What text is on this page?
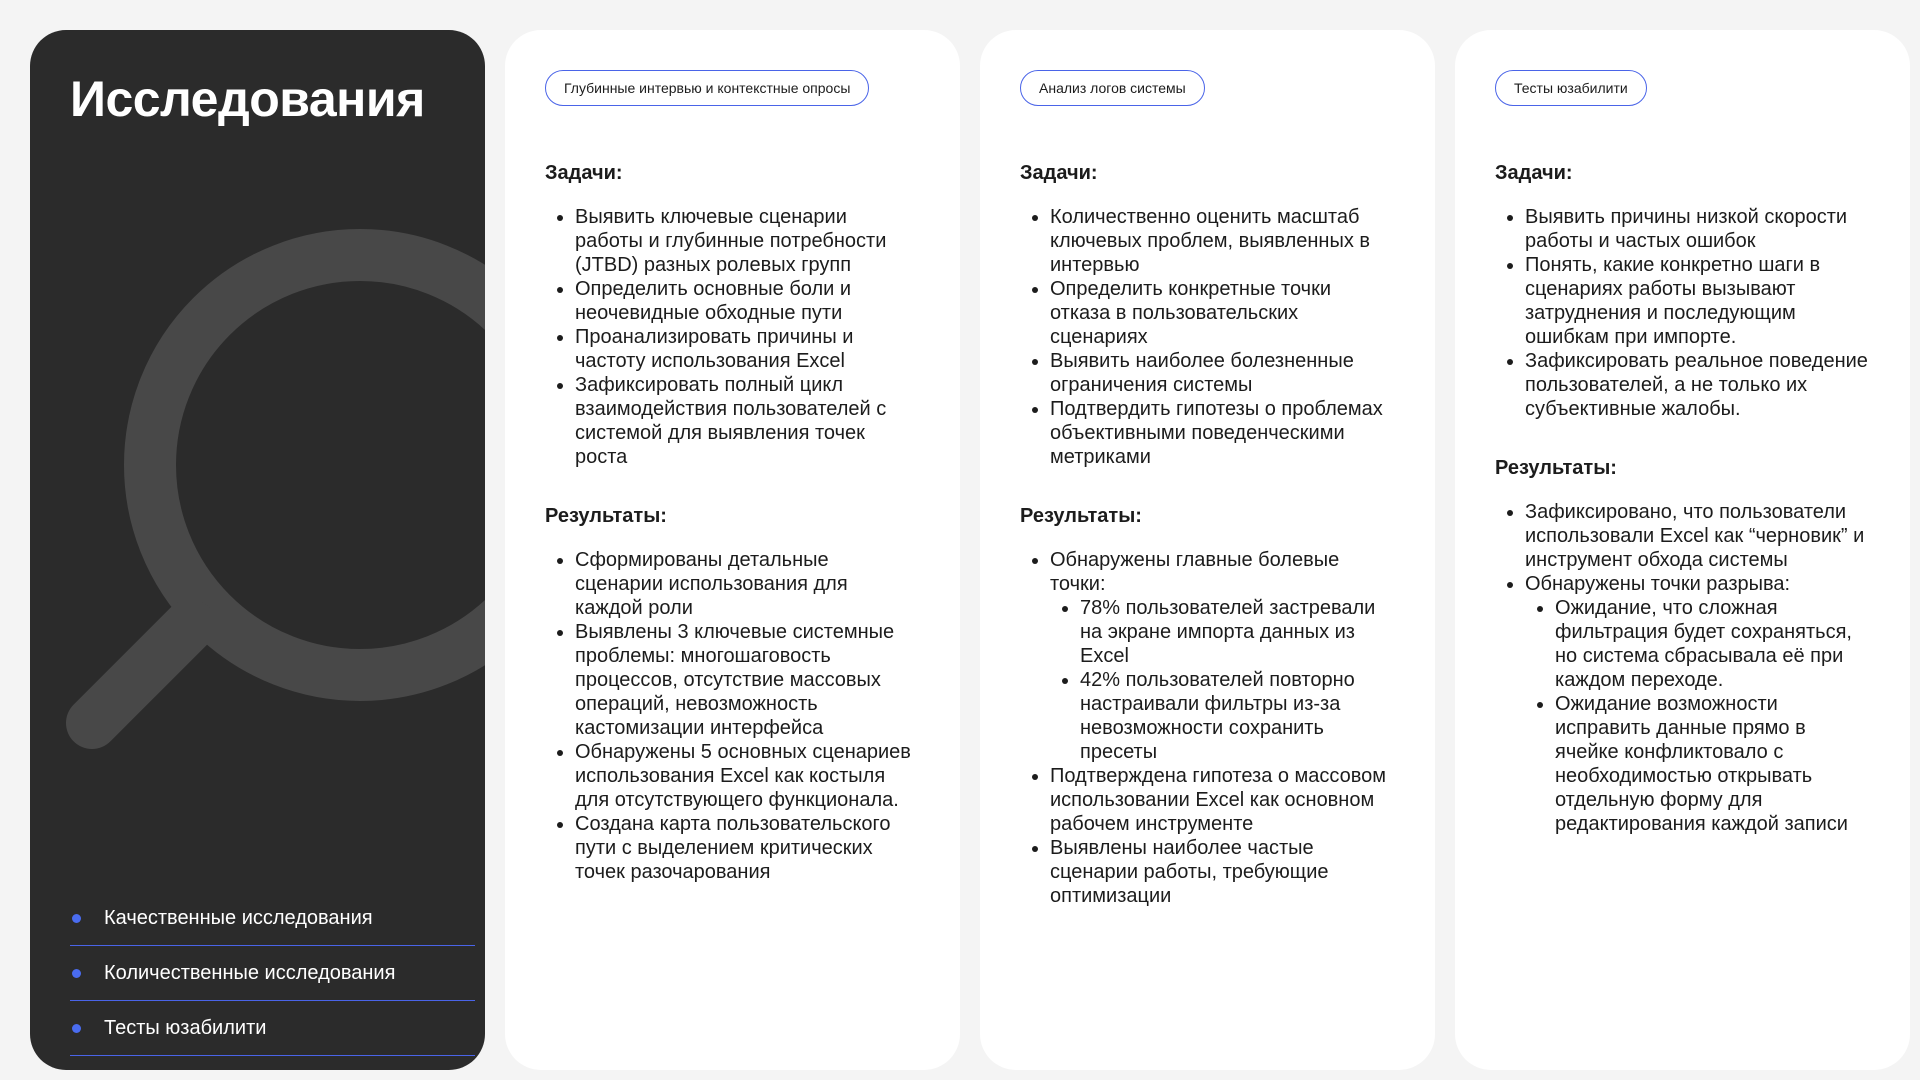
Исследования
Качественные исследования
Количественные исследования
Тесты юзабилити
Глубинные интервью и контекстные опросы
Задачи:
• Выявить ключевые сценарии работы и глубинные потребности (JTBD) разных ролевых групп
• Определить основные боли и неочевидные обходные пути
• Проанализировать причины и частоту использования Excel
• Зафиксировать полный цикл взаимодействия пользователей с системой для выявления точек роста
Результаты:
• Сформированы детальные сценарии использования для каждой роли
• Выявлены 3 ключевые системные проблемы: многошаговость процессов, отсутствие массовых операций, невозможность кастомизации интерфейса
• Обнаружены 5 основных сценариев использования Excel как костыля для отсутствующего функционала.
• Создана карта пользовательского пути с выделением критических точек разочарования
Анализ логов системы
Задачи:
• Количественно оценить масштаб ключевых проблем, выявленных в интервью
• Определить конкретные точки отказа в пользовательских сценариях
• Выявить наиболее болезненные ограничения системы
• Подтвердить гипотезы о проблемах объективными поведенческими метриками
Результаты:
• Обнаружены главные болевые точки:
• 78% пользователей застревали на экране импорта данных из Excel
• 42% пользователей повторно настраивали фильтры из-за невозможности сохранить пресеты
• Подтверждена гипотеза о массовом использовании Excel как основном рабочем инструменте
• Выявлены наиболее частые сценарии работы, требующие оптимизации
Тесты юзабилити
Задачи:
• Выявить причины низкой скорости работы и частых ошибок
• Понять, какие конкретно шаги в сценариях работы вызывают затруднения и последующим ошибкам при импорте.
• Зафиксировать реальное поведение пользователей, а не только их субъективные жалобы.
Результаты:
• Зафиксировано, что пользователи использовали Excel как “черновик” и инструмент обхода системы
• Обнаружены точки разрыва:
• Ожидание, что сложная фильтрация будет сохраняться, но система сбрасывала её при каждом переходе.
• Ожидание возможности исправить данные прямо в ячейке конфликтовало с необходимостью открывать отдельную форму для редактирования каждой записи
